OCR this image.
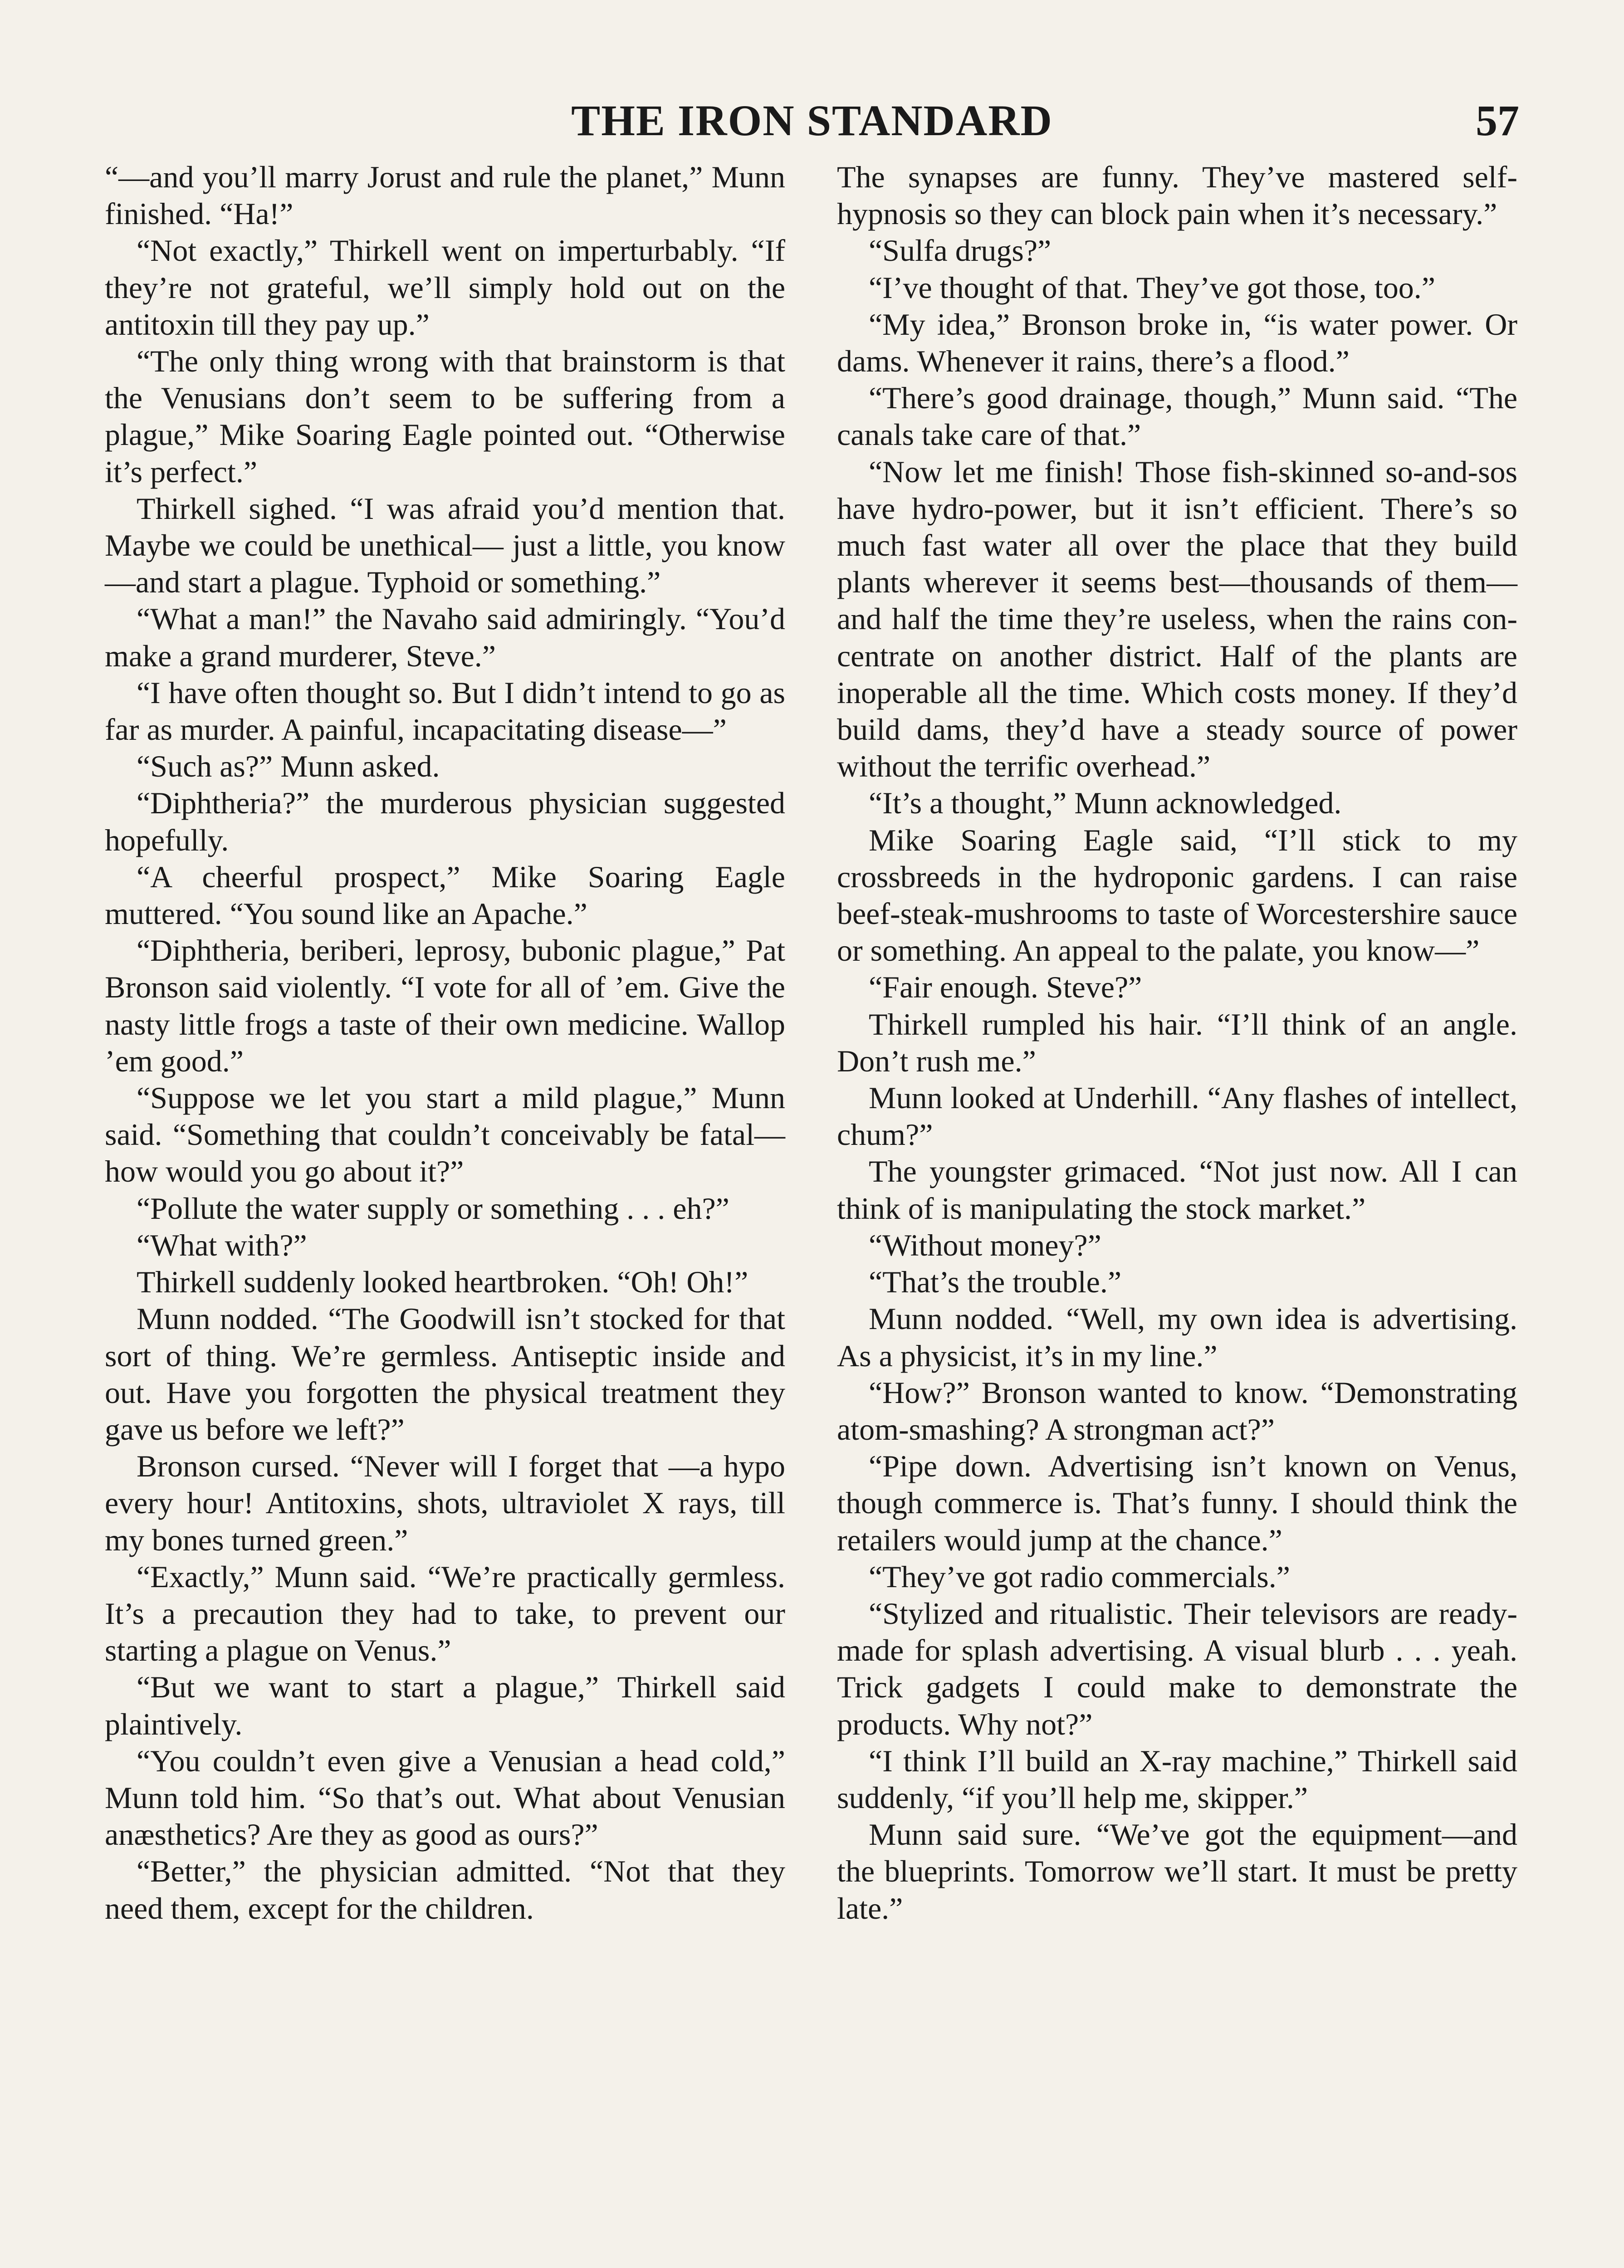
THE IRON STANDARD	57

“—and you’ll marry Jorust and rule the planet,” Munn finished. “Ha!”

“Not exactly,” Thirkell went on imperturbably. “If they’re not grateful, we’ll simply hold out on the antitoxin till they pay up.”

“The only thing wrong with that brainstorm is that the Venusians don’t seem to be suffering from a plague,” Mike Soaring Eagle pointed out. “Otherwise it’s perfect.”

Thirkell sighed. “I was afraid you’d mention that. Maybe we could be unethical— just a little, you know—and start a plague. Typhoid or something.”

“What a man!” the Navaho said admiringly. “You’d make a grand murderer, Steve.”

“I have often thought so. But I didn’t intend to go as far as murder. A painful, incapacitating disease—”

“Such as?” Munn asked.

“Diphtheria?” the murderous physician suggested hopefully.

“A cheerful prospect,” Mike Soaring Eagle muttered. “You sound like an Apache.”

“Diphtheria, beriberi, leprosy, bubonic plague,” Pat Bronson said violently. “I vote for all of ’em. Give the nasty little frogs a taste of their own medicine. Wallop ’em good.”

“Suppose we let you start a mild plague,” Munn said. “Something that couldn’t conceivably be fatal—how would you go about it?”

“Pollute the water supply or something . . . eh?”

“What with?”

Thirkell suddenly looked heartbroken. “Oh! Oh!”

Munn nodded. “The Goodwill isn’t stocked for that sort of thing. We’re germless. Antiseptic inside and out. Have you forgotten the physical treatment they gave us before we left?”

Bronson cursed. “Never will I forget that —a hypo every hour! Antitoxins, shots, ultraviolet X rays, till my bones turned green.”

“Exactly,” Munn said. “We’re practically germless. It’s a precaution they had to take, to prevent our starting a plague on Venus.”

“But we want to start a plague,” Thirkell said plaintively.

“You couldn’t even give a Venusian a head cold,” Munn told him. “So that’s out. What about Venusian anæsthetics? Are they as good as ours?”

“Better,” the physician admitted. “Not that they need them, except for the children.

The synapses are funny. They’ve mastered self-hypnosis so they can block pain when it’s necessary.”

“Sulfa drugs?”

“I’ve thought of that. They’ve got those, too.”

“My idea,” Bronson broke in, “is water power. Or dams. Whenever it rains, there’s a flood.”

“There’s good drainage, though,” Munn said. “The canals take care of that.”

“Now let me finish! Those fish-skinned so-and-sos have hydro-power, but it isn’t efficient. There’s so much fast water all over the place that they build plants wherever it seems best—thousands of them—and half the time they’re useless, when the rains concentrate on another district. Half of the plants are inoperable all the time. Which costs money. If they’d build dams, they’d have a steady source of power without the terrific overhead.”

“It’s a thought,” Munn acknowledged.

Mike Soaring Eagle said, “I’ll stick to my crossbreeds in the hydroponic gardens. I can raise beef-steak-mushrooms to taste of Worcestershire sauce or something. An appeal to the palate, you know—”

“Fair enough. Steve?”

Thirkell rumpled his hair. “I’ll think of an angle. Don’t rush me.”

Munn looked at Underhill. “Any flashes of intellect, chum?”

The youngster grimaced. “Not just now. All I can think of is manipulating the stock market.”

“Without money?”

“That’s the trouble.”

Munn nodded. “Well, my own idea is advertising. As a physicist, it’s in my line.”

“How?” Bronson wanted to know. “Demonstrating atom-smashing? A strongman act?”

“Pipe down. Advertising isn’t known on Venus, though commerce is. That’s funny. I should think the retailers would jump at the chance.”

“They’ve got radio commercials.”

“Stylized and ritualistic. Their televisors are ready-made for splash advertising. A visual blurb . . . yeah. Trick gadgets I could make to demonstrate the products. Why not?”

“I think I’ll build an X-ray machine,” Thirkell said suddenly, “if you’ll help me, skipper.”

Munn said sure. “We’ve got the equipment—and the blueprints. Tomorrow we’ll start. It must be pretty late.”
